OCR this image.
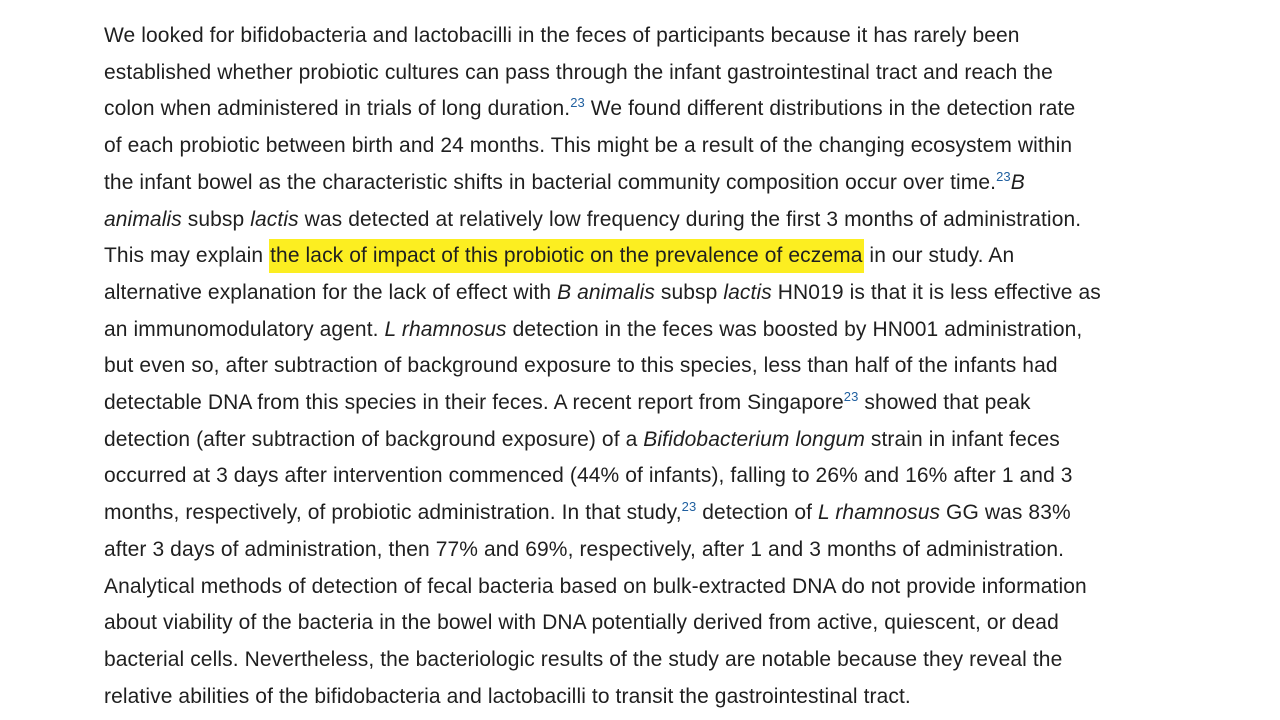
We looked for bifidobacteria and lactobacilli in the feces of participants because it has rarely been
established whether probiotic cultures can pass through the infant gastrointestinal tract and reach the
colon when administered in trials of long duration.$^{23}$ We found different distributions in the detection rate
of each probiotic between birth and 24 months. This might be a result of the changing ecosystem within
the infant bowel as the characteristic shifts in bacterial community composition occur over time.$^{23}$B
animalis subsp lactis was detected at relatively low frequency during the first 3 months of administration.
This may explain the lack of impact of this probiotic on the prevalence of eczema in our study. An
alternative explanation for the lack of effect with B animalis subsp lactis HN019 is that it is less effective as
an immunomodulatory agent. L rhamnosus detection in the feces was boosted by HN001 administration,
but even so, after subtraction of background exposure to this species, less than half of the infants had
detectable DNA from this species in their feces. A recent report from Singapore$^{23}$ showed that peak
detection (after subtraction of background exposure) of a Bifidobacterium longum strain in infant feces
occurred at 3 days after intervention commenced (44% of infants), falling to 26% and 16% after 1 and 3
months, respectively, of probiotic administration. In that study,$^{23}$ detection of L rhamnosus GG was 83%
after 3 days of administration, then 77% and 69%, respectively, after 1 and 3 months of administration.
Analytical methods of detection of fecal bacteria based on bulk-extracted DNA do not provide information
about viability of the bacteria in the bowel with DNA potentially derived from active, quiescent, or dead
bacterial cells. Nevertheless, the bacteriologic results of the study are notable because they reveal the
relative abilities of the bifidobacteria and lactobacilli to transit the gastrointestinal tract.
